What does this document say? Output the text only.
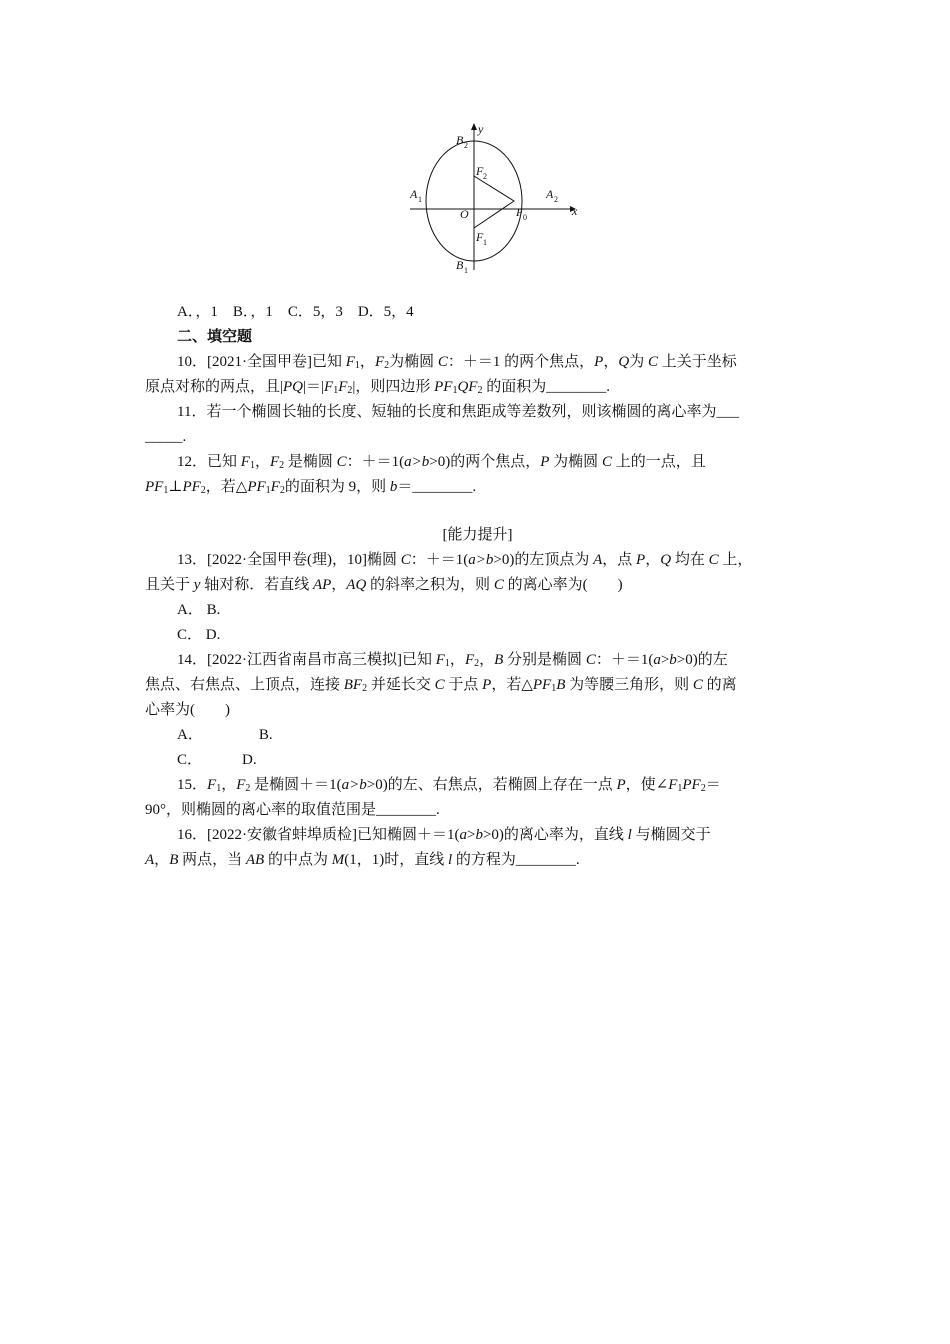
y
x
O
B 2
A 1	A 2
F 2
F 1
F 0
B 1
A．，1　B．，1　C．5，3　D．5，4
二、填空题
10．[2021·全国甲卷]已知 $F_1$，$F_2$为椭圆 C：＋＝1 的两个焦点，P，Q为 C 上关于坐标
原点对称的两点，且$|PQ|=|F_1F_2|$，则四边形 $PF_1QF_2$ 的面积为________.
11．若一个椭圆长轴的长度、短轴的长度和焦距成等差数列，则该椭圆的离心率为___
_____.
12．已知 $F_1$，$F_2$ 是椭圆 C：＋＝1(a>b>0)的两个焦点，P 为椭圆 C 上的一点，且
$PF_1\perp PF_2$，若$\triangle PF_1F_2$的面积为 9，则 b＝________.
[能力提升]
13．[2022·全国甲卷(理)，10]椭圆 C：＋＝1(a>b>0)的左顶点为 A，点 P，Q 均在 C 上，
且关于 y 轴对称．若直线 AP，AQ 的斜率之积为，则 C 的离心率为(　　)
A． B.
C． D.
14．[2022·江西省南昌市高三模拟]已知 $F_1$，$F_2$，B 分别是椭圆 C：＋＝1(a>b>0)的左
焦点、右焦点、上顶点，连接 $BF_2$ 并延长交 C 于点 P，若$\triangle PF_1B$ 为等腰三角形，则 C 的离
心率为(　　)
A．	B.
C．	D.
15．$F_1$，$F_2$ 是椭圆＋＝1(a>b>0)的左、右焦点，若椭圆上存在一点 P，使$\angle F_1PF_2=$
90°，则椭圆的离心率的取值范围是________.
16．[2022·安徽省蚌埠质检]已知椭圆＋＝1(a>b>0)的离心率为，直线 l 与椭圆交于
A，B 两点，当 AB 的中点为 M(1，1)时，直线 l 的方程为________.
